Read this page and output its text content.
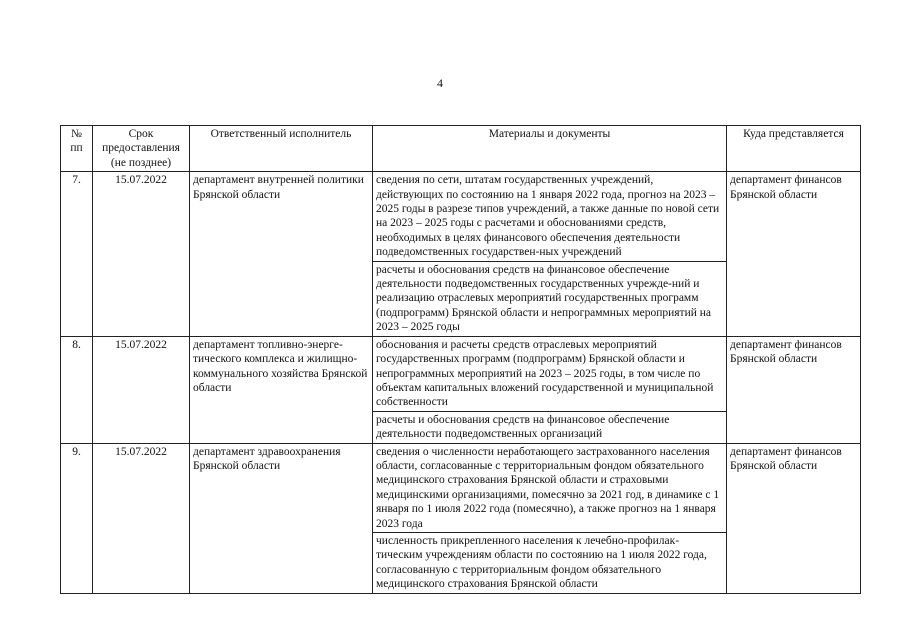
4
№ пп	Срок предоставления (не позднее)	Ответственный исполнитель	Материалы и документы	Куда представляется
7.	15.07.2022	департамент внутренней политики Брянской области	сведения по сети, штатам государственных учреждений, действующих по состоянию на 1 января 2022 года, прогноз на 2023 – 2025 годы в разрезе типов учреждений, а также данные по новой сети на 2023 – 2025 годы с расчетами и обоснованиями средств, необходимых в целях финансового обеспечения деятельности подведомственных государствен-ных учреждений	департамент финансов Брянской области
			расчеты и обоснования средств на финансовое обеспечение деятельности подведомственных государственных учрежде-ний и реализацию отраслевых мероприятий государственных программ (подпрограмм) Брянской области и непрограммных мероприятий на 2023 – 2025 годы	
8.	15.07.2022	департамент топливно-энерге-тического комплекса и жилищно-коммунального хозяйства Брянской области	обоснования и расчеты средств отраслевых мероприятий государственных программ (подпрограмм) Брянской области и непрограммных мероприятий на 2023 – 2025 годы, в том числе по объектам капитальных вложений государственной и муниципальной собственности	департамент финансов Брянской области
			расчеты и обоснования средств на финансовое обеспечение деятельности подведомственных организаций	
9.	15.07.2022	департамент здравоохранения Брянской области	сведения о численности неработающего застрахованного населения области, согласованные с территориальным фондом обязательного медицинского страхования Брянской области и страховыми медицинскими организациями, помесячно за 2021 год, в динамике с 1 января по 1 июля 2022 года (помесячно), а также прогноз на 1 января 2023 года	департамент финансов Брянской области
			численность прикрепленного населения к лечебно-профилак-тическим учреждениям области по состоянию на 1 июля 2022 года, согласованную с территориальным фондом обязательного медицинского страхования Брянской области	
